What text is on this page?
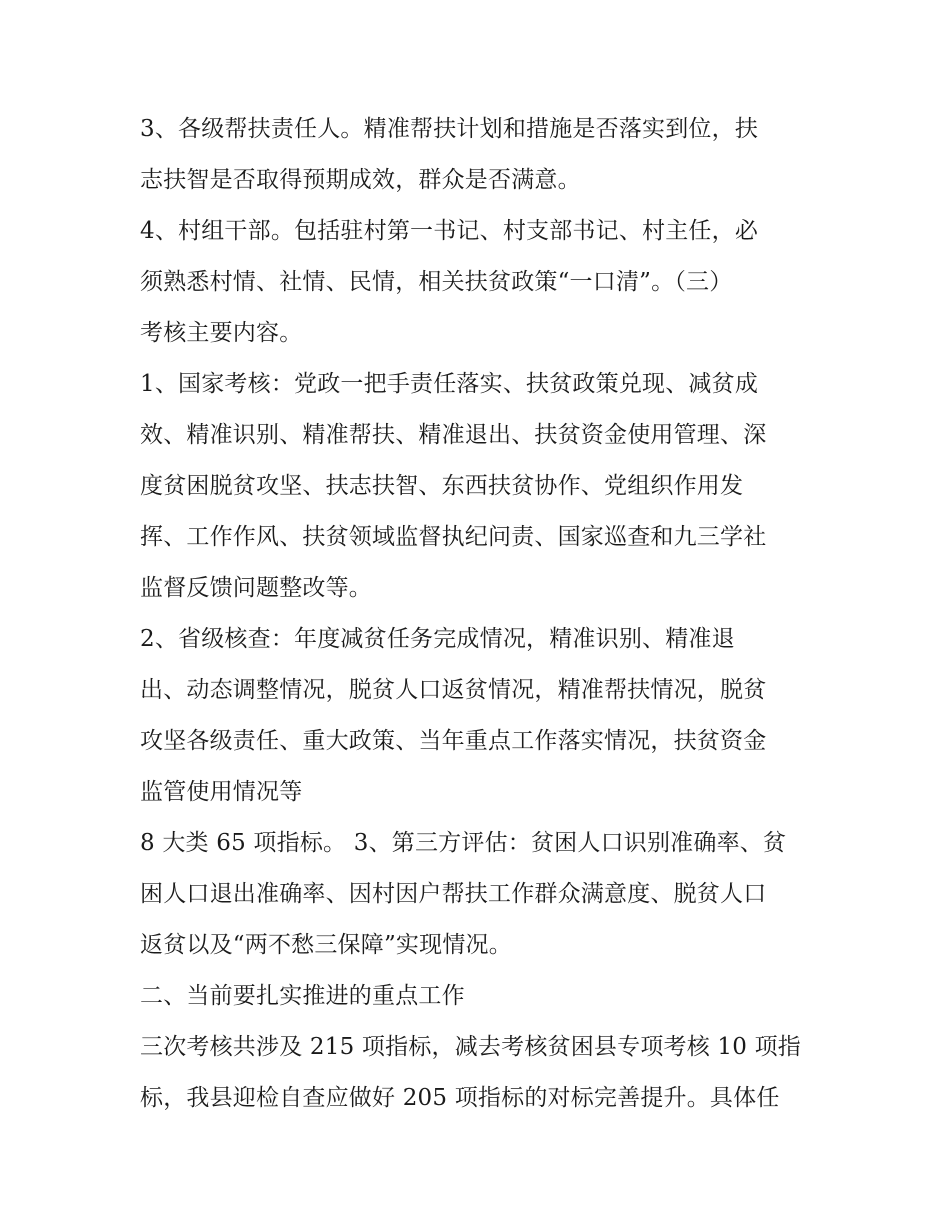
3、各级帮扶责任人。精准帮扶计划和措施是否落实到位，扶
志扶智是否取得预期成效，群众是否满意。
4、村组干部。包括驻村第一书记、村支部书记、村主任，必
须熟悉村情、社情、民情，相关扶贫政策“一口清”。（三）
考核主要内容。
1、国家考核：党政一把手责任落实、扶贫政策兑现、减贫成
效、精准识别、精准帮扶、精准退出、扶贫资金使用管理、深
度贫困脱贫攻坚、扶志扶智、东西扶贫协作、党组织作用发
挥、工作作风、扶贫领域监督执纪问责、国家巡查和九三学社
监督反馈问题整改等。
2、省级核查：年度减贫任务完成情况，精准识别、精准退
出、动态调整情况，脱贫人口返贫情况，精准帮扶情况，脱贫
攻坚各级责任、重大政策、当年重点工作落实情况，扶贫资金
监管使用情况等
8 大类 65 项指标。 3、第三方评估：贫困人口识别准确率、贫
困人口退出准确率、因村因户帮扶工作群众满意度、脱贫人口
返贫以及“两不愁三保障”实现情况。
二、当前要扎实推进的重点工作
三次考核共涉及 215 项指标，减去考核贫困县专项考核 10 项指
标，我县迎检自查应做好 205 项指标的对标完善提升。具体任
